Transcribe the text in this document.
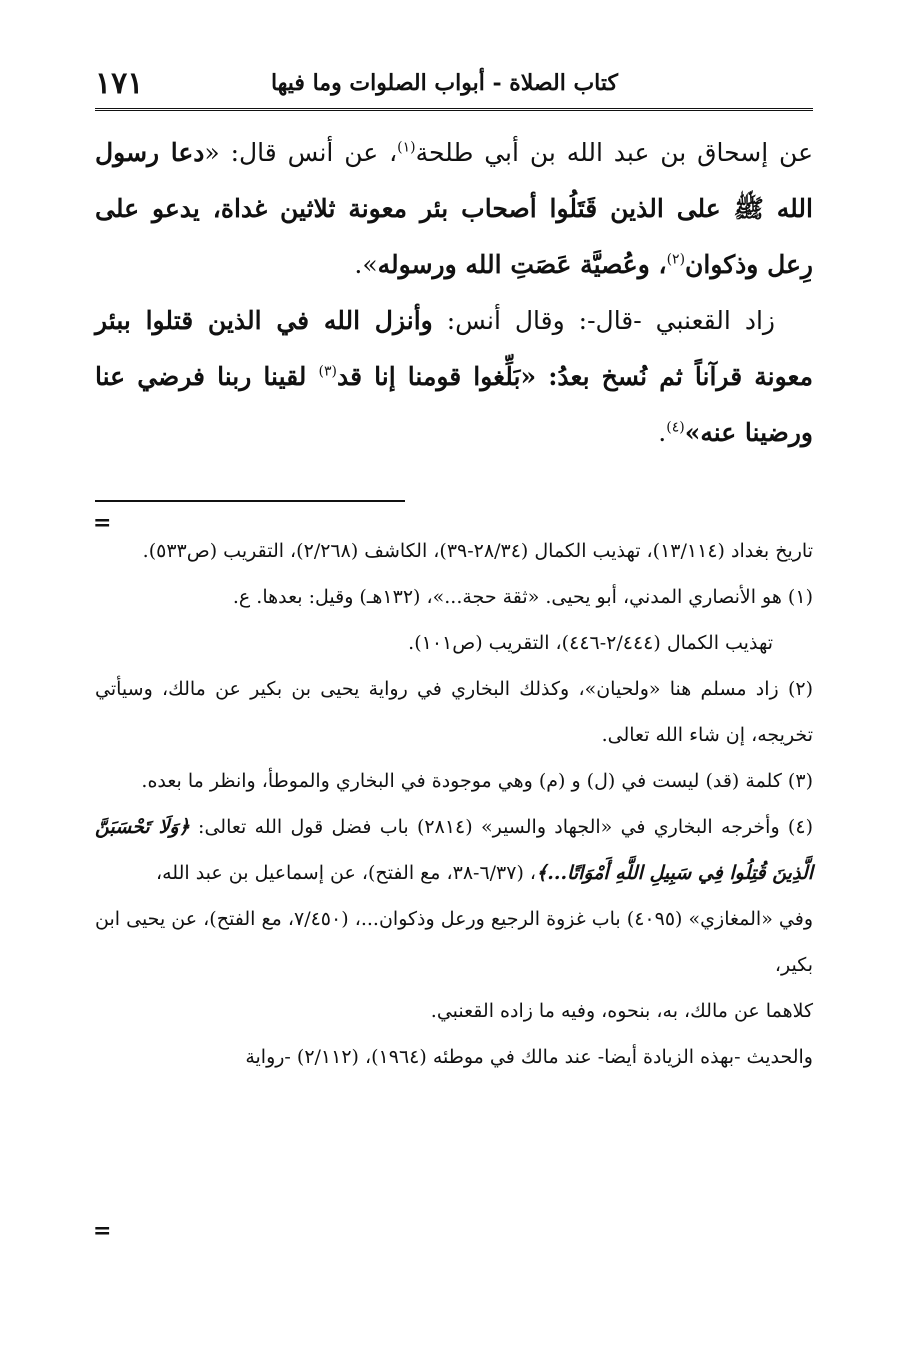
كتاب الصلاة - أبواب الصلوات وما فيها
١٧١

عن إسحاق بن عبد الله بن أبي طلحة$^{(١)}$، عن أنس قال: «دعا رسول الله ﷺ على الذين قَتَلُوا أصحاب بئر معونة ثلاثين غداة، يدعو على رِعل وذكوان$^{(٢)}$، وعُصيَّة عَصَتِ الله ورسوله».

زاد القعنبي -قال-: وقال أنس: وأنزل الله في الذين قتلوا ببئر معونة قرآناً ثم نُسخ بعدُ: «بَلِّغوا قومنا إنا قد$^{(٣)}$ لقينا ربنا فرضي عنا ورضينا عنه»$^{(٤)}$.

=

تاريخ بغداد (١٣/١١٤)، تهذيب الكمال (٢٨/٣٤-٣٩)، الكاشف (٢/٢٦٨)، التقريب (ص٥٣٣).

(١) هو الأنصاري المدني، أبو يحيى. «ثقة حجة...»، (١٣٢هـ) وقيل: بعدها. ع.

تهذيب الكمال (٢/٤٤٤-٤٤٦)، التقريب (ص١٠١).

(٢) زاد مسلم هنا «ولحيان»، وكذلك البخاري في رواية يحيى بن بكير عن مالك، وسيأتي تخريجه، إن شاء الله تعالى.

(٣) كلمة (قد) ليست في (ل) و (م) وهي موجودة في البخاري والموطأ، وانظر ما بعده.

(٤) وأخرجه البخاري في «الجهاد والسير» (٢٨١٤) باب فضل قول الله تعالى: ﴿وَلَا تَحْسَبَنَّ الَّذِينَ قُتِلُوا فِي سَبِيلِ اللَّهِ أَمْوَاتًا...﴾، (٦/٣٧-٣٨، مع الفتح)، عن إسماعيل بن عبد الله،

وفي «المغازي» (٤٠٩٥) باب غزوة الرجيع ورعل وذكوان...، (٧/٤٥٠، مع الفتح)، عن يحيى ابن بكير،

كلاهما عن مالك، به، بنحوه، وفيه ما زاده القعنبي.

والحديث -بهذه الزيادة أيضا- عند مالك في موطئه (١٩٦٤)، (٢/١١٢) -رواية

=
